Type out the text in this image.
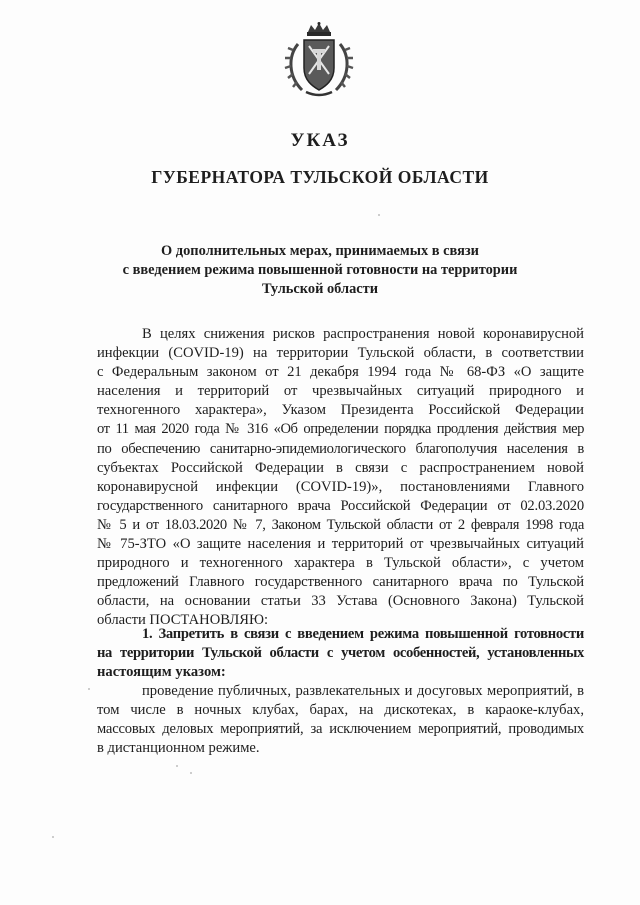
УКАЗ
ГУБЕРНАТОРА ТУЛЬСКОЙ ОБЛАСТИ
О дополнительных мерах, принимаемых в связи
с введением режима повышенной готовности на территории
Тульской области
В целях снижения рисков распространения новой коронавирусной
инфекции (COVID-19) на территории Тульской области, в соответствии
с Федеральным законом от 21 декабря 1994 года № 68-ФЗ «О защите
населения и территорий от чрезвычайных ситуаций природного и
техногенного характера», Указом Президента Российской Федерации
от 11 мая 2020 года № 316 «Об определении порядка продления действия мер
по обеспечению санитарно-эпидемиологического благополучия населения в
субъектах Российской Федерации в связи с распространением новой
коронавирусной инфекции (COVID-19)», постановлениями Главного
государственного санитарного врача Российской Федерации от 02.03.2020
№ 5 и от 18.03.2020 № 7, Законом Тульской области от 2 февраля 1998 года
№ 75-ЗТО «О защите населения и территорий от чрезвычайных ситуаций
природного и техногенного характера в Тульской области», с учетом
предложений Главного государственного санитарного врача по Тульской
области, на основании статьи 33 Устава (Основного Закона) Тульской
области ПОСТАНОВЛЯЮ:
1. Запретить в связи с введением режима повышенной готовности
на территории Тульской области с учетом особенностей, установленных
настоящим указом:
проведение публичных, развлекательных и досуговых мероприятий, в
том числе в ночных клубах, барах, на дискотеках, в караоке-клубах,
массовых деловых мероприятий, за исключением мероприятий, проводимых
в дистанционном режиме.
